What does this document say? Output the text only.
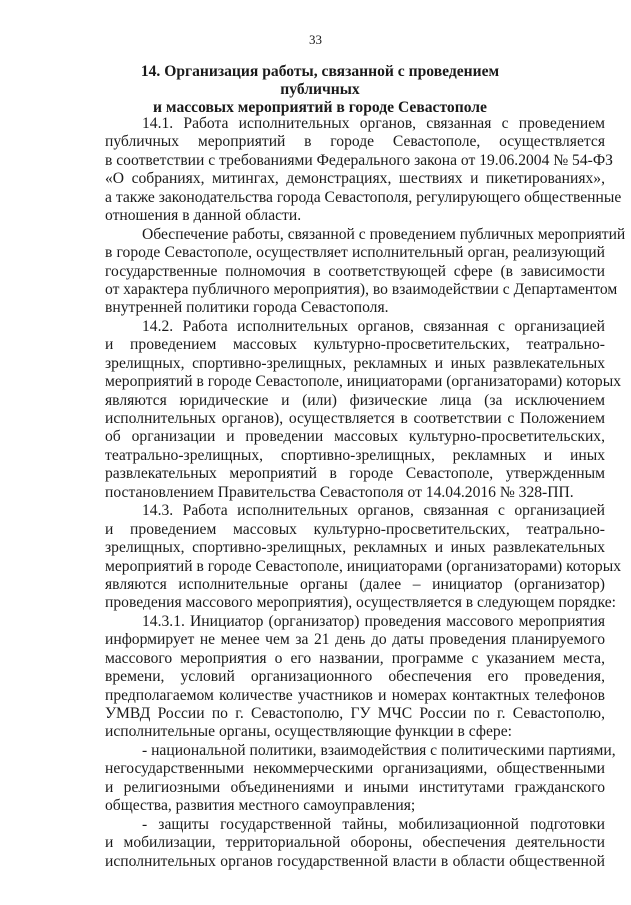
33
14. Организация работы, связанной с проведением публичных
и массовых мероприятий в городе Севастополе
14.1. Работа исполнительных органов, связанная с проведением
публичных мероприятий в городе Севастополе, осуществляется
в соответствии с требованиями Федерального закона от 19.06.2004 № 54-ФЗ
«О собраниях, митингах, демонстрациях, шествиях и пикетированиях»,
а также законодательства города Севастополя, регулирующего общественные
отношения в данной области.
Обеспечение работы, связанной с проведением публичных мероприятий
в городе Севастополе, осуществляет исполнительный орган, реализующий
государственные полномочия в соответствующей сфере (в зависимости
от характера публичного мероприятия), во взаимодействии с Департаментом
внутренней политики города Севастополя.
14.2. Работа исполнительных органов, связанная с организацией
и проведением массовых культурно-просветительских, театрально-
зрелищных, спортивно-зрелищных, рекламных и иных развлекательных
мероприятий в городе Севастополе, инициаторами (организаторами) которых
являются юридические и (или) физические лица (за исключением
исполнительных органов), осуществляется в соответствии с Положением
об организации и проведении массовых культурно-просветительских,
театрально-зрелищных, спортивно-зрелищных, рекламных и иных
развлекательных мероприятий в городе Севастополе, утвержденным
постановлением Правительства Севастополя от 14.04.2016 № 328-ПП.
14.3. Работа исполнительных органов, связанная с организацией
и проведением массовых культурно-просветительских, театрально-
зрелищных, спортивно-зрелищных, рекламных и иных развлекательных
мероприятий в городе Севастополе, инициаторами (организаторами) которых
являются исполнительные органы (далее – инициатор (организатор)
проведения массового мероприятия), осуществляется в следующем порядке:
14.3.1. Инициатор (организатор) проведения массового мероприятия
информирует не менее чем за 21 день до даты проведения планируемого
массового мероприятия о его названии, программе с указанием места,
времени, условий организационного обеспечения его проведения,
предполагаемом количестве участников и номерах контактных телефонов
УМВД России по г. Севастополю, ГУ МЧС России по г. Севастополю,
исполнительные органы, осуществляющие функции в сфере:
- национальной политики, взаимодействия с политическими партиями,
негосударственными некоммерческими организациями, общественными
и религиозными объединениями и иными институтами гражданского
общества, развития местного самоуправления;
- защиты государственной тайны, мобилизационной подготовки
и мобилизации, территориальной обороны, обеспечения деятельности
исполнительных органов государственной власти в области общественной
